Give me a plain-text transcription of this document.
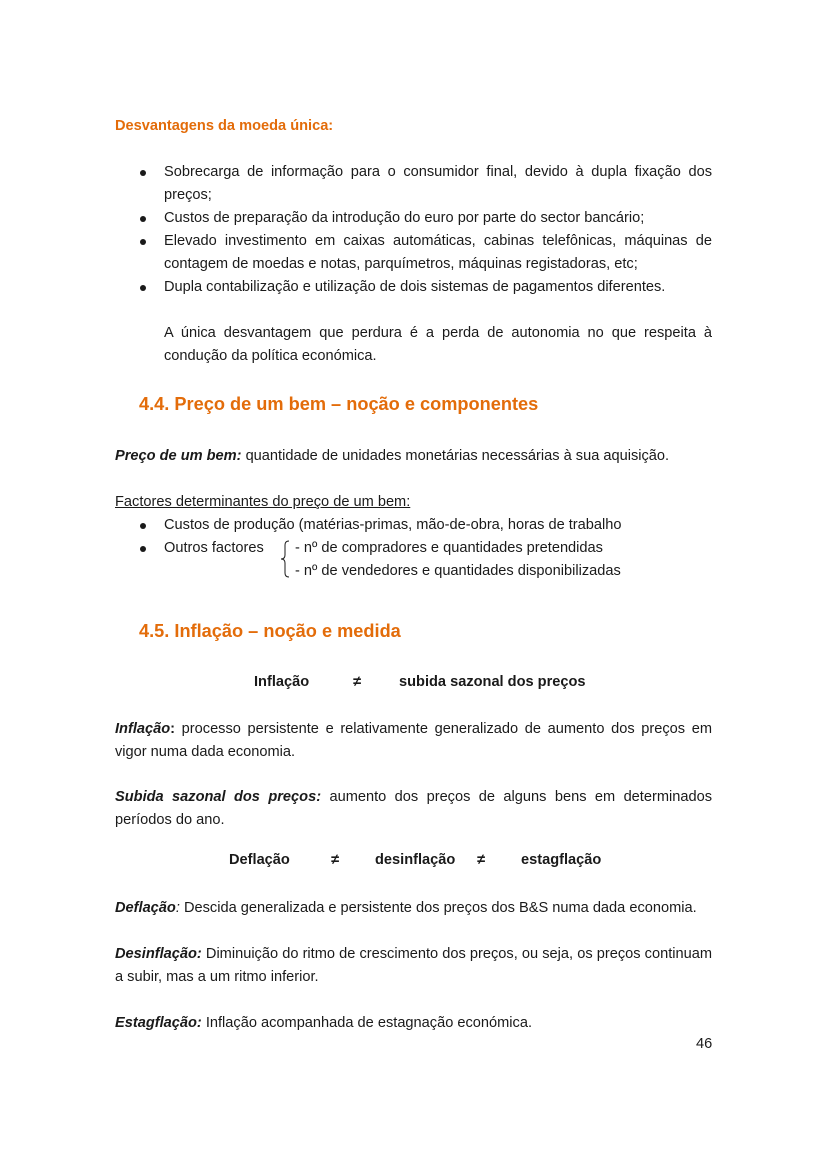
Desvantagens da moeda única:
Sobrecarga de informação para o consumidor final, devido à dupla fixação dos preços;
Custos de preparação da introdução do euro por parte do sector bancário;
Elevado investimento em caixas automáticas, cabinas telefônicas, máquinas de contagem de moedas e notas, parquímetros, máquinas registadoras, etc;
Dupla contabilização e utilização de dois sistemas de pagamentos diferentes.
A única desvantagem que perdura é a perda de autonomia no que respeita à condução da política económica.
4.4. Preço de um bem – noção e componentes
Preço de um bem: quantidade de unidades monetárias necessárias à sua aquisição.
Factores determinantes do preço de um bem:
Custos de produção (matérias-primas, mão-de-obra, horas de trabalho
Outros factores - nº de compradores e quantidades pretendidas
- nº de vendedores e quantidades disponibilizadas
4.5. Inflação – noção e medida
Inflação	≠	subida sazonal dos preços
Inflação: processo persistente e relativamente generalizado de aumento dos preços em vigor numa dada economia.
Subida sazonal dos preços: aumento dos preços de alguns bens em determinados períodos do ano.
Deflação	≠ desinflação ≠ estagflação
Deflação: Descida generalizada e persistente dos preços dos B&S numa dada economia.
Desinflação: Diminuição do ritmo de crescimento dos preços, ou seja, os preços continuam a subir, mas a um ritmo inferior.
Estagflação: Inflação acompanhada de estagnação económica.
46
